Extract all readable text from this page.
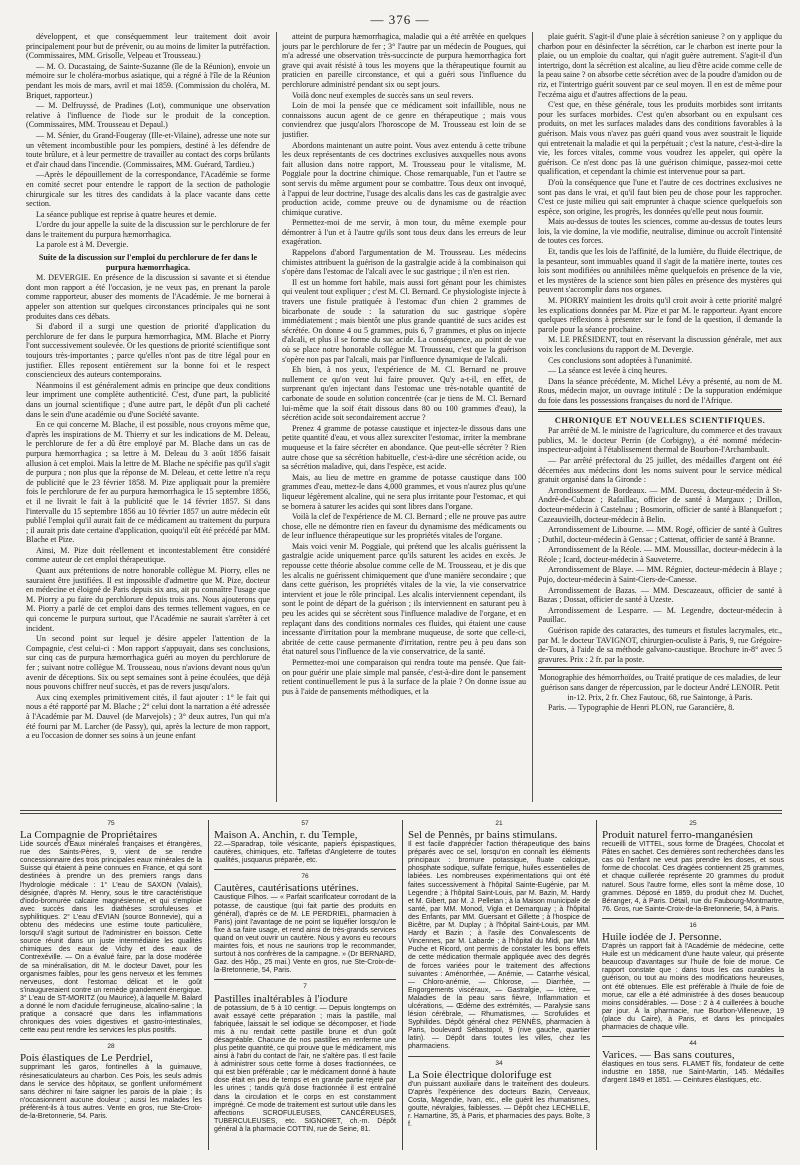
— 376 —

développent, et que conséquemment leur traitement doit avoir principalement pour but de prévenir, ou au moins de limiter la putréfaction. (Commissaires, MM. Grisolle, Velpeau et Trousseau.)

— M. O. Ducastaing, de Sainte-Suzanne (île de la Réunion), envoie un mémoire sur le choléra-morbus asiatique, qui a régné à l'île de la Réunion pendant les mois de mars, avril et mai 1859. (Commission du choléra, M. Briquet, rapporteur.)

— M. Delfruyssé, de Pradines (Lot), communique une observation relative à l'influence de l'iode sur le produit de la conception. (Commissaires, MM. Trousseau et Depaul.)

— M. Sénier, du Grand-Fougeray (Ille-et-Vilaine), adresse une note sur un vêtement incombustible pour les pompiers, destiné à les défendre de toute brûlure, et à leur permettre de travailler au contact des corps brûlants et d'air chaud dans l'incendie. (Commissaires, MM. Guérard, Tardieu.)

—Après le dépouillement de la correspondance, l'Académie se forme en comité secret pour entendre le rapport de la section de pathologie chirurgicale sur les titres des candidats à la place vacante dans cette section.

La séance publique est reprise à quatre heures et demie.

L'ordre du jour appelle la suite de la discussion sur le perchlorure de fer dans le traitement du purpura hæmorrhagica.

La parole est à M. Devergie.

Suite de la discussion sur l'emploi du perchlorure de fer dans le purpura hæmorrhagica.

M. DEVERGIE. En présence de la discussion si savante et si étendue dont mon rapport a été l'occasion, je ne veux pas, en prenant la parole comme rapporteur, abuser des moments de l'Académie. Je me bornerai à appeler son attention sur quelques circonstances principales qui ne sont produites dans ces débats.

Si d'abord il a surgi une question de priorité d'application du perchlorure de fer dans le purpura hæmorrhagica, MM. Blache et Piorry l'ont successivement soulevée. Or les questions de priorité scientifique sont toujours très-importantes ; parce qu'elles n'ont pas de titre légal pour en justifier. Elles reposent entièrement sur la bonne foi et le respect consciencieux des auteurs contemporains.

Néanmoins il est généralement admis en principe que deux conditions leur impriment une complète authenticité. C'est, d'une part, la publicité dans un journal scientifique ; d'une autre part, le dépôt d'un pli cacheté dans le sein d'une académie ou d'une Société savante.

En ce qui concerne M. Blache, il est possible, nous croyons même que, d'après les inspirations de M. Thierry et sur les indications de M. Deleau, le perchlorure de fer a dû être employé par M. Blache dans un cas de purpura hæmorrhagica ; sa lettre à M. Deleau du 3 août 1856 faisait allusion à cet emploi. Mais la lettre de M. Blache ne spécifie pas qu'il s'agit de purpura ; non plus que la réponse de M. Deleau, et cette lettre n'a reçu de publicité que le 23 février 1858. M. Pize appliquait pour la première fois le perchlorure de fer au purpura hæmorrhagica le 15 septembre 1856, et il ne livrait le fait à la publicité que le 14 février 1857. Si dans l'intervalle du 15 septembre 1856 au 10 février 1857 un autre médecin eût publié l'emploi qu'il aurait fait de ce médicament au traitement du purpura ; il aurait pris date certaine d'application, quoiqu'il eût été précédé par MM. Blache et Pize.

Ainsi, M. Pize doit réellement et incontestablement être considéré comme auteur de cet emploi thérapeutique.

Quant aux prétentions de notre honorable collègue M. Piorry, elles ne sauraient être justifiées. Il est impossible d'admettre que M. Pize, docteur en médecine et éloigné de Paris depuis six ans, ait pu connaître l'usage que M. Piorry a pu faire du perchlorure depuis trois ans. Nous ajouterons que M. Piorry a parlé de cet emploi dans des termes tellement vagues, en ce qui concerne le purpura surtout, que l'Académie ne saurait s'arrêter à cet incident.

Un second point sur lequel je désire appeler l'attention de la Compagnie, c'est celui-ci : Mon rapport s'appuyait, dans ses conclusions, sur cinq cas de purpura hæmorrhagica guéri au moyen du perchlorure de fer ; suivant notre collègue M. Trousseau, nous n'avions devant nous qu'un avenir de déceptions. Six ou sept semaines sont à peine écoulées, que déjà nous pouvons chiffrer neuf succès, et pas de revers jusqu'alors.

Aux cinq exemples primitivement cités, il faut ajouter : 1° le fait qui nous a été rapporté par M. Blache ; 2° celui dont la narration a été adressée à l'Académie par M. Dauvel (de Marvejols) ; 3° deux autres, l'un qui m'a été fourni par M. Larcher (de Passy), qui, après la lecture de mon rapport, a eu l'occasion de donner ses soins à un jeune enfant

atteint de purpura hæmorrhagica, maladie qui a été arrêtée en quelques jours par le perchlorure de fer ; 3° l'autre par un médecin de Pougues, qui m'a adressé une observation très-succincte de purpura hæmorrhagica fort grave qui avait résisté à tous les moyens que la thérapeutique fournit au praticien en pareille circonstance, et qui a guéri sous l'influence du perchlorure administré pendant six ou sept jours.

Voilà donc neuf exemples de succès sans un seul revers.

Loin de moi la pensée que ce médicament soit infaillible, nous ne connaissons aucun agent de ce genre en thérapeutique ; mais vous conviendrez que jusqu'alors l'horoscope de M. Trousseau est loin de se justifier.

Abordons maintenant un autre point. Vous avez entendu à cette tribune les deux représentants de ces doctrines exclusives auxquelles nous avons fait allusion dans notre rapport, M. Trousseau pour le vitalisme, M. Poggiale pour la doctrine chimique. Chose remarquable, l'un et l'autre se sont servis du même argument pour se combattre. Tous deux ont invoqué, à l'appui de leur doctrine, l'usage des alcalis dans les cas de gastralgie avec production acide, comme preuve ou de dynamisme ou de réaction chimique curative.

Permettez-moi de me servir, à mon tour, du même exemple pour démontrer à l'un et à l'autre qu'ils sont tous deux dans les erreurs de leur exagération.

Rappelons d'abord l'argumentation de M. Trousseau. Les médecins chimistes attribuent la guérison de la gastralgie acide à la combinaison qui s'opère dans l'estomac de l'alcali avec le suc gastrique ; il n'en est rien.

Il est un homme fort habile, mais aussi fort génant pour les chimistes qui veulent tout expliquer ; c'est M. Cl. Bernard. Ce physiologiste injecte à travers une fistule pratiquée à l'estomac d'un chien 2 grammes de bicarbonate de soude : la saturation du suc gastrique s'opère immédiatement ; mais bientôt une plus grande quantité de sucs acides est sécrétée. On donne 4 ou 5 grammes, puis 6, 7 grammes, et plus on injecte d'alcali, et plus il se forme du suc acide. La conséquence, au point de vue où se place notre honorable collègue M. Trousseau, c'est que la guérison s'opère non pas par l'alcali, mais par l'influence dynamique de l'alcali.

Eh bien, à nos yeux, l'expérience de M. Cl. Bernard ne prouve nullement ce qu'on veut lui faire prouver. Qu'y a-t-il, en effet, de surprenant qu'en injectant dans l'estomac une très-notable quantité de carbonate de soude en solution concentrée (car je tiens de M. Cl. Bernard lui-même que la soif était dissous dans 80 ou 100 grammes d'eau), la sécrétion acide soit secondairement accrue ?

Prenez 4 gramme de potasse caustique et injectez-le dissous dans une petite quantité d'eau, et vous allez surexciter l'estomac, irriter la membrane muqueuse et la faire sécréter en abondance. Que peut-elle sécréter ? Rien autre chose que sa sécrétion habituelle, c'est-à-dire une sécrétion acide, ou sa sécrétion maladive, qui, dans l'espèce, est acide.

Mais, au lieu de mettre en gramme de potasse caustique dans 100 grammes d'eau, mettez-le dans 4,000 grammes, et vous n'aurez plus qu'une liqueur légèrement alcaline, qui ne sera plus irritante pour l'estomac, et qui se bornera à saturer les acides qui sont libres dans l'organe.

Voilà la clef de l'expérience de M. Cl. Bernard ; elle ne prouve pas autre chose, elle ne démontre rien en faveur du dynamisme des médicaments ou de leur influence thérapeutique sur les propriétés vitales de l'organe.

Mais voici venir M. Poggiale, qui prétend que les alcalis guérissent la gastralgie acide uniquement parce qu'ils saturent les acides en excès. Je repousse cette théorie absolue comme celle de M. Trousseau, et je dis que les alcalis ne guérissent chimiquement que d'une manière secondaire ; que dans cette guérison, les propriétés vitales de la vie, la vie conservatrice intervient et joue le rôle principal. Les alcalis interviennent cependant, ils sont le point de départ de la guérison ; ils interviennent en saturant peu à peu les acides qui se sécrètent sous l'influence maladive de l'organe, et en replaçant dans des conditions normales ces fluides, qui étaient une cause incessante d'irritation pour la membrane muqueuse, de sorte que celle-ci, abritée de cette cause permanente d'irritation, rentre peu à peu dans son état naturel sous l'influence de la vie conservatrice, de la santé.

Permettez-moi une comparaison qui rendra toute ma pensée. Que fait-on pour guérir une plaie simple mal pansée, c'est-à-dire dont le pansement retient continuellement le pus à la surface de la plaie ? On donne issue au pus à l'aide de pansements méthodiques, et la

plaie guérit. S'agit-il d'une plaie à sécrétion sanieuse ? on y applique du charbon pour en désinfecter la sécrétion, car le charbon est inerte pour la plaie, ou un emploie du coaltar, qui n'agit guère autrement. S'agit-il d'un intertrigo, dont la sécrétion est alcaline, au lieu d'être acide comme celle de la peau saine ? on absorbe cette sécrétion avec de la poudre d'amidon ou de riz, et l'intertrigo guérit souvent par ce seul moyen. Il en est de même pour l'eczéma aigu et d'autres affections de la peau.

C'est que, en thèse générale, tous les produits morbides sont irritants pour les surfaces morbides. C'est qu'en absorbant ou en expulsant ces produits, on met les surfaces malades dans des conditions favorables à la guérison. Mais vous n'avez pas guéri quand vous avez soustrait le liquide qui entretenait la maladie et qui la perpétuait ; c'est la nature, c'est-à-dire la vie, les forces vitales, comme vous voudrez les appeler, qui opère la guérison. Ce n'est donc pas là une guérison chimique, passez-moi cette qualification, et cependant la chimie est intervenue pour sa part.

D'où la conséquence que l'une et l'autre de ces doctrines exclusives ne sont pas dans le vrai, et qu'il faut bien peu de chose pour les rapprocher. C'est ce juste milieu qui sait emprunter à chaque science quelquefois son espèce, son origine, les progrès, les données qu'elle peut nous fournir.

Mais au-dessus de toutes les sciences, comme au-dessus de toutes leurs lois, la vie domine, la vie modifie, neutralise, diminue ou accroît l'intensité de toutes ces forces.

Et, tandis que les lois de l'affinité, de la lumière, du fluide électrique, de la pesanteur, sont immuables quand il s'agit de la matière inerte, toutes ces lois sont modifiées ou annihilées même quelquefois en présence de la vie, et les mystères de la science sont bien pâles en présence des mystères qui peuvent s'accomplir dans nos organes.

M. PIORRY maintient les droits qu'il croit avoir à cette priorité malgré les explications données par M. Pize et par M. le rapporteur. Ayant encore quelques réflexions à présenter sur le fond de la question, il demande la parole pour la séance prochaine.

M. LE PRÉSIDENT, tout en réservant la discussion générale, met aux voix les conclusions du rapport de M. Devergie.

Ces conclusions sont adoptées à l'unanimité.

— La séance est levée à cinq heures.

Dans la séance précédente, M. Michel Lévy a présenté, au nom de M. Rous, médecin major, un ouvrage intitulé : De la suppuration endémique du foie dans les possessions françaises du nord de l'Afrique.

CHRONIQUE ET NOUVELLES SCIENTIFIQUES.

Par arrêté de M. le ministre de l'agriculture, du commerce et des travaux publics, M. le docteur Perrin (de Corbigny), a été nommé médecin-inspecteur-adjoint à l'établissement thermal de Bourbon-l'Archambault.

— Par arrêté préfectoral du 25 juillet, des médailles d'argent ont été décernées aux médecins dont les noms suivent pour le service médical gratuit organisé dans la Gironde :

Arrondissement de Bordeaux. — MM. Ducesu, docteur-médecin à St-André-de-Cubzac ; Rafaillac, officier de santé à Margaux ; Drillon, docteur-médecin à Castelnau ; Bosmorin, officier de santé à Blanquefort ; Cazeauvieilh, docteur-médecin à Belin.

Arrondissement de Libourne. — MM. Rogé, officier de santé à Guîtres ; Duthil, docteur-médecin à Gensac ; Cattenat, officier de santé à Branne.

Arrondissement de la Réole. — MM. Moussillac, docteur-médecin à la Réole ; Icard, docteur-médecin à Sauveterre.

Arrondissement de Blaye. — MM. Régnier, docteur-médecin à Blaye ; Pujo, docteur-médecin à Saint-Ciers-de-Canesse.

Arrondissement de Bazas. — MM. Descazeaux, officier de santé à Bazas ; Dossat, officier de santé à Uzeste.

Arrondissement de Lesparre. — M. Legendre, docteur-médecin à Pauillac.

Guérison rapide des cataractes, des tumeurs et fistules lacrymales, etc., par M. le docteur TAVIGNOT, chirurgien-oculiste à Paris, 9, rue Grégoire-de-Tours, à l'aide de sa méthode galvano-caustique. Brochure in-8° avec 5 gravures. Prix : 2 fr. par la poste.

Monographie des hémorrhoïdes, ou Traité pratique de ces maladies, de leur guérison sans danger de répercussion, par le docteur André LENOIR. Petit in-12. Prix, 2 fr. Chez Fautouc, 68, rue Saintonge, à Paris.

Paris. — Typographie de Henri PLON, rue Garancière, 8.

75
La Compagnie de Propriétaires
Lide sources d'Eaux minérales françaises et étrangères, rue des Saints-Pères, 9, vient de se rendre concessionnaire des trois principales eaux minérales de la Suisse qui étaient à peine connues en France, et qui sont destinées à prendre un des premiers rangs dans l'hydrologie médicale : 1° L'eau de SAXON (Valais), désignée, d'après M. Henry, sous le titre caractéristique d'iodo-bromurée calcaire magnésienne, et qui s'emploie avec succès dans les diathèses scrofuleuses et syphilitiques. 2° L'eau d'EVIAN (source Bonnevie), qui a obtenu des médecins une estime toute particulière, lorsqu'il s'agit surtout de l'administrer en boisson. Cette source réunit dans un juste intermédiaire les qualités chimiques des eaux de Vichy et des eaux de Contrexéville. — On a évalué faire, par la dose modérée de sa minéralisation, dit M. le docteur Davet, pour les organismes faibles, pour les gens nerveux et les femmes nerveuses, dont l'estomac délicat et le goût s'inaugureraient contre un remède grandement énergique. 3° L'eau de ST-MORITZ (ou Maurice), à laquelle M. Balard a donné le nom d'acidule ferrugineuse, alcalino-saline ; la pratique a consacré que dans les inflammations chroniques des voies digestives et gastro-intestinales, cette eau peut rendre les services les plus positifs.
28
Pois élastiques de Le Perdriel,
supprimant les garos, fontinelles à la guimauve, résinesaticulateurs au charbon. Ces Pois, les seuls admis dans le service des hôpitaux, se gonflent uniformément sans déchirer ni faire saigner les parois de la plaie ; ils n'occasionnent aucune douleur ; aussi les malades les préfèrent-ils à tous autres. Vente en gros, rue Ste-Croix-de-la-Bretonnerie, 54. Paris.
57
Maison A. Anchin, r. du Temple,
22.—Sparadrap, toile vésicante, papiers épispastiques, cautères, chimiques, etc. Taffetas d'Angleterre de toutes qualités, jusquarus préparée, etc.
76
Cautères, cautérisations utérines.
Caustique Filhos. — « Parfait scarificateur corrodant de la potasse, de caustique (qui fait partie des produits en général), d'après ce de M. LE PERDRIEL, pharmacien à Paris) joint l'avantage de ne point se liquéfier lorsqu'on le fixe à sa faire usage, et rend ainsi de très-grands services quand on veut ouvrir un cautère. Nous y avons eu recours maintes fois, et nous ne saurions trop le recommander, surtout à nos confrères de la campagne. » (Dr BERNARD, Gaz. des Hôp., 25 mai.) Vente en gros, rue Ste-Croix-de-la-Bretonnerie, 54, Paris.
7
Pastilles inaltérables à l'iodure
de potassium, de 5 à 10 centigr. — Depuis longtemps on avait essayé cette préparation ; mais la pastille, mal fabriquée, laissait le sel iodique se décomposer, et l'iode mis à nu rendait cette pastille brune et d'un goût désagréable. Chacune de nos pastilles en renferme une plus petite quantité, ce qui prouve que le médicament, mis ainsi à l'abri du contact de l'air, ne s'altère pas. Il est facile à administrer sous cette forme à doses fractionnées, ce qui est bien préférable ; car le médicament donné à haute dose était en peu de temps et en grande partie rejeté par les urines ; tandis qu'à dose fractionnée il est entraîné dans la circulation et le corps en est constamment imprégné. Ce mode de traitement est surtout utile dans les affections SCROFULEUSES, CANCÉREUSES, TUBERCULEUSES, etc. SIGNORET, ch.-m. Dépôt général à la pharmacie COTTIN, rue de Seine, 81.
21
Sel de Pennès, pr bains stimulans.
Il est facile d'apprécier l'action thérapeutique des bains préparés avec ce sel, lorsqu'on en connaît les éléments principaux : bromure potassique, fluate calcique, phosphate sodique, sulfate ferrique, huiles essentielles de labiées. Les nombreuses expérimentations qui ont été faites successivement à l'hôpital Sainte-Eugénie, par M. Legendre ; à l'hôpital Saint-Louis, par M. Bazin, M. Hardy et M. Gibert, par M. J. Pelletan ; à la Maison municipale de santé, par MM. Monod, Vigla et Demarquay ; à l'hôpital des Enfants, par MM. Guersant et Gillette ; à l'hospice de Bicêtre, par M. Duplay ; à l'hôpital Saint-Louis, par MM. Hardy et Bazin ; à l'asile des Convalescents de Vincennes, par M. Labarde ; à l'hôpital du Midi, par MM. Puche et Ricord, ont permis de constater les bons effets de cette médication thermale appliquée avec des degrés de forces variées pour le traitement des affections suivantes : Aménorrhée, — Anémie, — Catarrhe vésical, — Chloro-anémie, — Chlorose, — Diarrhée, — Engorgements viscéraux, — Gastralgie, — Ictère, — Maladies de la peau sans fièvre, Inflammation et ulcérations, — Œdème des extrémités, — Paralysie sans lésion cérébrale, — Rhumatismes, — Scrofulides et Syphilides. Dépôt général chez PENNÈS, pharmacien à Paris, boulevard Sébastopol, 9 (rive gauche, quartier latin). — Dépôt dans toutes les villes, chez les pharmaciens.
34
La Soie électrique dolorifuge est
d'un puissant auxiliaire dans le traitement des douleurs. D'après l'expérience des docteurs Bazin, Cerveaux, Costa, Magendie, Ivan, etc., elle guérit les rhumatismes, goutte, névralgies, faiblesses. — Dépôt chez LECHELLE, r. Hamartine, 35, à Paris, et pharmacies des pays. Boîte, 3 f.
25
Produit naturel ferro-manganésien
recueilli de VITTEL, sous forme de Dragées, Chocolat et Pâtes en sachet. Ces dernières sont recherchées dans les cas où l'enfant ne veut pas prendre les doses, et sous forme de chocolat. Ces dragées contiennent 25 grammes, et chaque cuillerée représente 20 grammes du produit naturel. Sous l'autre forme, elles sont la même dose, 10 grammes. Déposé en 1859, du produit chez M. Duchet, Béranger, 4, à Paris. Détail, rue du Faubourg-Montmartre, 76. Gros, rue Sainte-Croix-de-la-Bretonnerie, 54, à Paris.
16
Huile iodée de J. Personne.
D'après un rapport fait à l'Académie de médecine, cette Huile est un médicament d'une haute valeur, qui présente beaucoup d'avantages sur l'huile de foie de morue. Ce rapport constate que : dans tous les cas curables la guérison, ou tout au moins des modifications heureuses, ont été obtenues. Elle est préférable à l'huile de foie de morue, car elle a été administrée à des doses beaucoup moins considérables. — Dose : 2 à 4 cuillerées à bouche par jour. À la pharmacie, rue Bourbon-Villeneuve, 19 (place du Caire), à Paris, et dans les principales pharmacies de chaque ville.
44
Varices. — Bas sans coutures,
élastiques en tous sens. FLAMET fils, fondateur de cette industrie en 1858, rue Saint-Martin, 145. Médailles d'argent 1849 et 1851. — Ceintures élastiques, etc.
